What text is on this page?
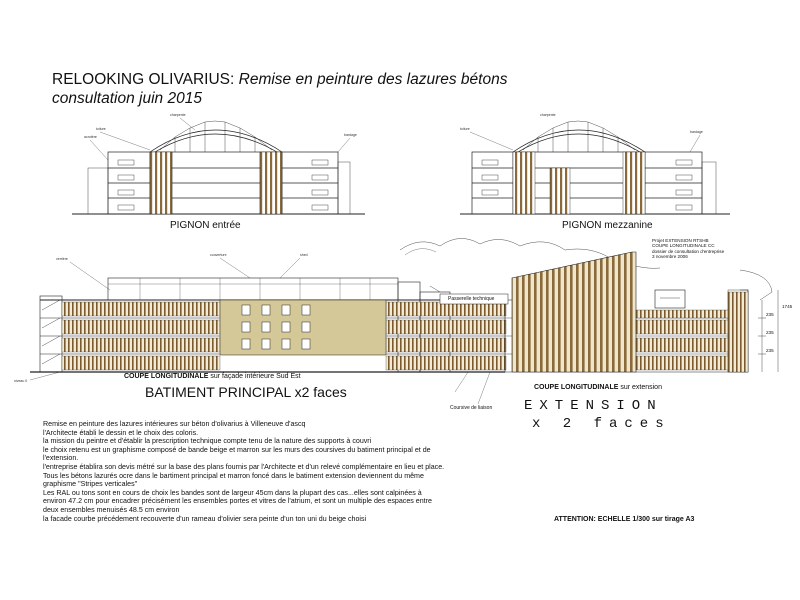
RELOOKING OLIVARIUS: Remise en peinture des lazures bétons
consultation juin 2015
toiture
charpente
acrotère	bardage
toiture
charpente
bardage
verrière
couverture	shed
niveau 0
PIGNON entrée	PIGNON mezzanine
Passerelle technique
Projet EXTENSION RTSHB
COUPE LONGITUDINALE CC
dossier de consultation d'entreprise
3 novembre 2006
235
235
235
1745
COUPE LONGITUDINALE sur façade intérieure Sud Est
BATIMENT PRINCIPAL x2 faces	COUPE LONGITUDINALE sur extension
EXTENSION
x 2 faces
Coursive de liaison
Remise en peinture des lazures intérieures sur béton d'olivarius à Villeneuve d'ascq
l'Architecte établi le dessin et le choix des coloris.
la mission du peintre et d'établir la prescription technique compte tenu de la nature des supports à couvri
le choix retenu est un graphisme composé de bande beige et marron sur les murs des coursives du batiment principal et de
l'extension.
l'entreprise établira son devis métré sur la base des plans fournis par l'Architecte et d'un relevé complémentaire en lieu et place.
Tous les bétons lazurés ocre dans le bartiment principal et marron foncé dans le batiment extension deviennent du même
graphisme "Stripes verticales"
Les RAL ou tons sont en cours de choix les bandes sont de largeur 45cm dans la plupart des cas...elles sont calpinées à
environ 47.2 cm pour encadrer précisément les ensembles portes et vitres de l'atrium, et sont un multiple des espaces entre
deux ensembles menuisés 48.5 cm environ
la facade courbe précédement recouverte d'un rameau d'olivier sera peinte d'un ton uni du beige choisi	ATTENTION: ECHELLE 1/300 sur tirage A3
